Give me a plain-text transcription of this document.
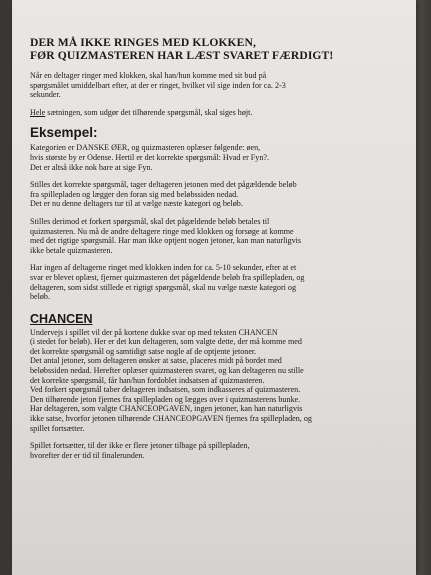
DER MÅ IKKE RINGES MED KLOKKEN,
FØR QUIZMASTEREN HAR LÆST SVARET FÆRDIGT!

Når en deltager ringer med klokken, skal han/hun komme med sit bud på
spørgsmålet umiddelbart efter, at der er ringet, hvilket vil sige inden for ca. 2-3
sekunder.

Hele sætningen, som udgør det tilhørende spørgsmål, skal siges højt.

Eksempel:

Kategorien er DANSKE ØER, og quizmasteren oplæser følgende: øen,
hvis største by er Odense. Hertil er det korrekte spørgsmål: Hvad er Fyn?.
Det er altså ikke nok bare at sige Fyn.

Stilles det korrekte spørgsmål, tager deltageren jetonen med det pågældende beløb
fra spillepladen og lægger den foran sig med beløbssiden nedad.
Det er nu denne deltagers tur til at vælge næste kategori og beløb.

Stilles derimod et forkert spørgsmål, skal det pågældende beløb betales til
quizmasteren. Nu må de andre deltagere ringe med klokken og forsøge at komme
med det rigtige spørgsmål. Har man ikke optjent nogen jetoner, kan man naturligvis
ikke betale quizmasteren.

Har ingen af deltagerne ringet med klokken inden for ca. 5-10 sekunder, efter at et
svar er blevet oplæst, fjerner quizmasteren det pågældende beløb fra spillepladen, og
deltageren, som sidst stillede et rigtigt spørgsmål, skal nu vælge næste kategori og
beløb.

CHANCEN

Undervejs i spillet vil der på kortene dukke svar op med teksten CHANCEN
(i stedet for beløb). Her er det kun deltageren, som valgte dette, der må komme med
det korrekte spørgsmål og samtidigt satse nogle af de optjente jetoner.
Det antal jetoner, som deltageren ønsker at satse, placeres midt på bordet med
beløbssiden nedad. Herefter oplæser quizmasteren svaret, og kan deltageren nu stille
det korrekte spørgsmål, får han/hun fordoblet indsatsen af quizmasteren.
Ved forkert spørgsmål taber deltageren indsatsen, som indkasseres af quizmasteren.
Den tilhørende jeton fjernes fra spillepladen og lægges over i quizmasterens bunke.
Har deltageren, som valgte CHANCEOPGAVEN, ingen jetoner, kan han naturligvis
ikke satse, hvorfor jetonen tilhørende CHANCEOPGAVEN fjernes fra spillepladen, og
spillet fortsætter.

Spillet fortsætter, til der ikke er flere jetoner tilbage på spillepladen,
hvorefter der er tid til finalerunden.
